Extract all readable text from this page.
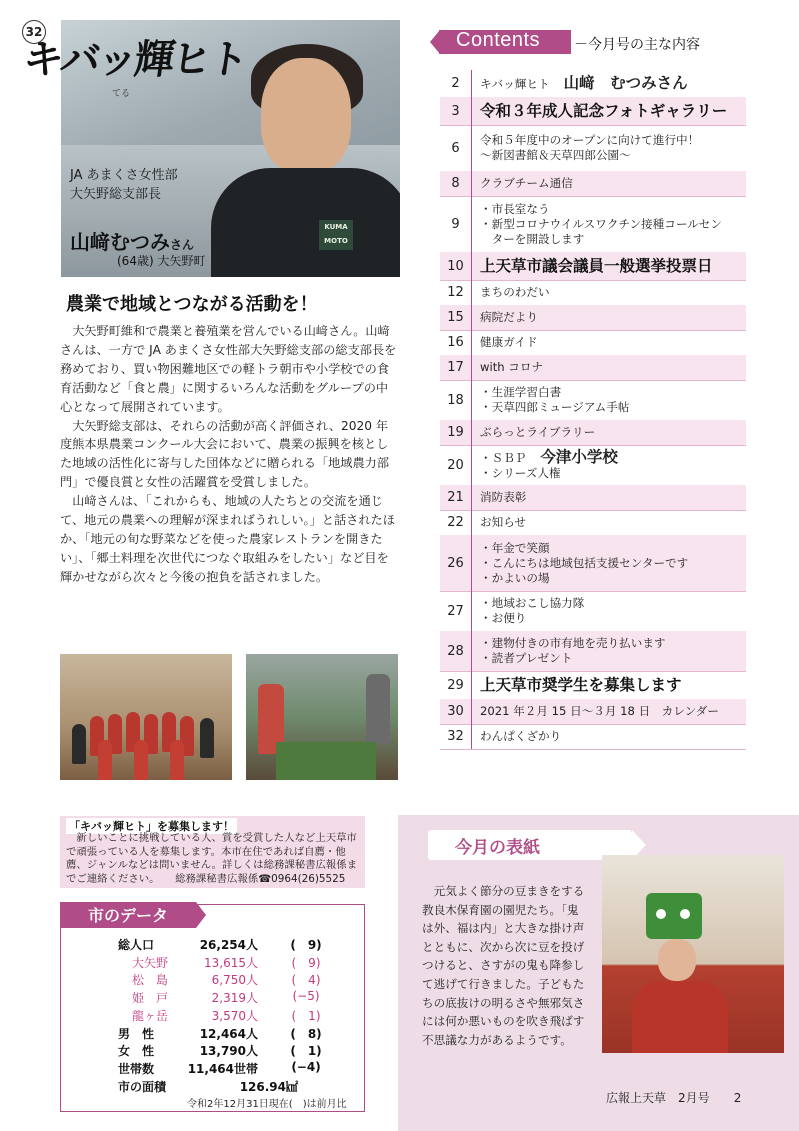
32
KUMA
MOTO
JA あまくさ女性部
大矢野総支部長
山﨑むつみさん
(64歳) 大矢野町
キバッ輝ヒト
てる
農業で地域とつながる活動を！

大矢野町維和で農業と養殖業を営んでいる山﨑さん。山﨑さんは、一方で JA あまくさ女性部大矢野総支部の総支部長を務めており、買い物困難地区での軽トラ朝市や小学校での食育活動など「食と農」に関するいろんな活動をグループの中心となって展開されています。

大矢野総支部は、それらの活動が高く評価され、2020 年度熊本県農業コンクール大会において、農業の振興を核とした地域の活性化に寄与した団体などに贈られる「地域農力部門」で優良賞と女性の活躍賞を受賞しました。

山﨑さんは、「これからも、地域の人たちとの交流を通じて、地元の農業への理解が深まればうれしい。」と話されたほか、「地元の旬な野菜などを使った農家レストランを開きたい」、「郷土料理を次世代につなぐ取組みをしたい」など目を輝かせながら次々と今後の抱負を話されました。

Contents －今月号の主な内容
2	キバッ輝ヒト 山﨑　むつみさん
3	令和３年成人記念フォトギャラリー
6
令和５年度中のオープンに向けて進行中！
～新図書館＆天草四郎公園～
8	クラブチーム通信
9
・市長室なう
・新型コロナウイルスワクチン接種コールセン
　ターを開設します
10	上天草市議会議員一般選挙投票日
12	まちのわだい
15	病院だより
16	健康ガイド
17	with コロナ
18
・生涯学習白書
・天草四郎ミュージアム手帖
19	ぶらっとライブラリー
20	・ＳＢＰ 今津小学校
・シリーズ人権
21	消防表彰
22	お知らせ
26
・年金で笑顔
・こんにちは地域包括支援センターです
・かよいの場
27
・地域おこし協力隊
・お便り
28
・建物付きの市有地を売り払います
・読者プレゼント
29	上天草市奨学生を募集します
30	2021 年２月 15 日～３月 18 日　カレンダー
32	わんぱくざかり
「キバッ輝ヒト」を募集します！
　新しいことに挑戦している人、賞を受賞した人など上天草市
で頑張っている人を募集します。本市在住であれば自薦・他
薦、ジャンルなどは問いません。詳しくは総務課秘書広報係ま
でご連絡ください。　　総務課秘書広報係☎0964(26)5525
市のデータ
総人口	26,254人	(　9)
大矢野	13,615人	(　9)
松　島	6,750人	(　4)
姫　戸	2,319人	(−5)
龍ヶ岳	3,570人	(　1)
男　性	12,464人	(　8)
女　性	13,790人	(　1)
世帯数	11,464世帯	(−4)
市の面積	126.94㎢
令和2年12月31日現在(　)は前月比
今月の表紙

元気よく節分の豆まきをする教良木保育園の園児たち。「鬼は外、福は内」と大きな掛け声とともに、次から次に豆を投げつけると、さすがの鬼も降参して逃げて行きました。子どもたちの底抜けの明るさや無邪気さには何か悪いものを吹き飛ばす不思議な力があるようです。

広報上天草　 2月号　　 2
